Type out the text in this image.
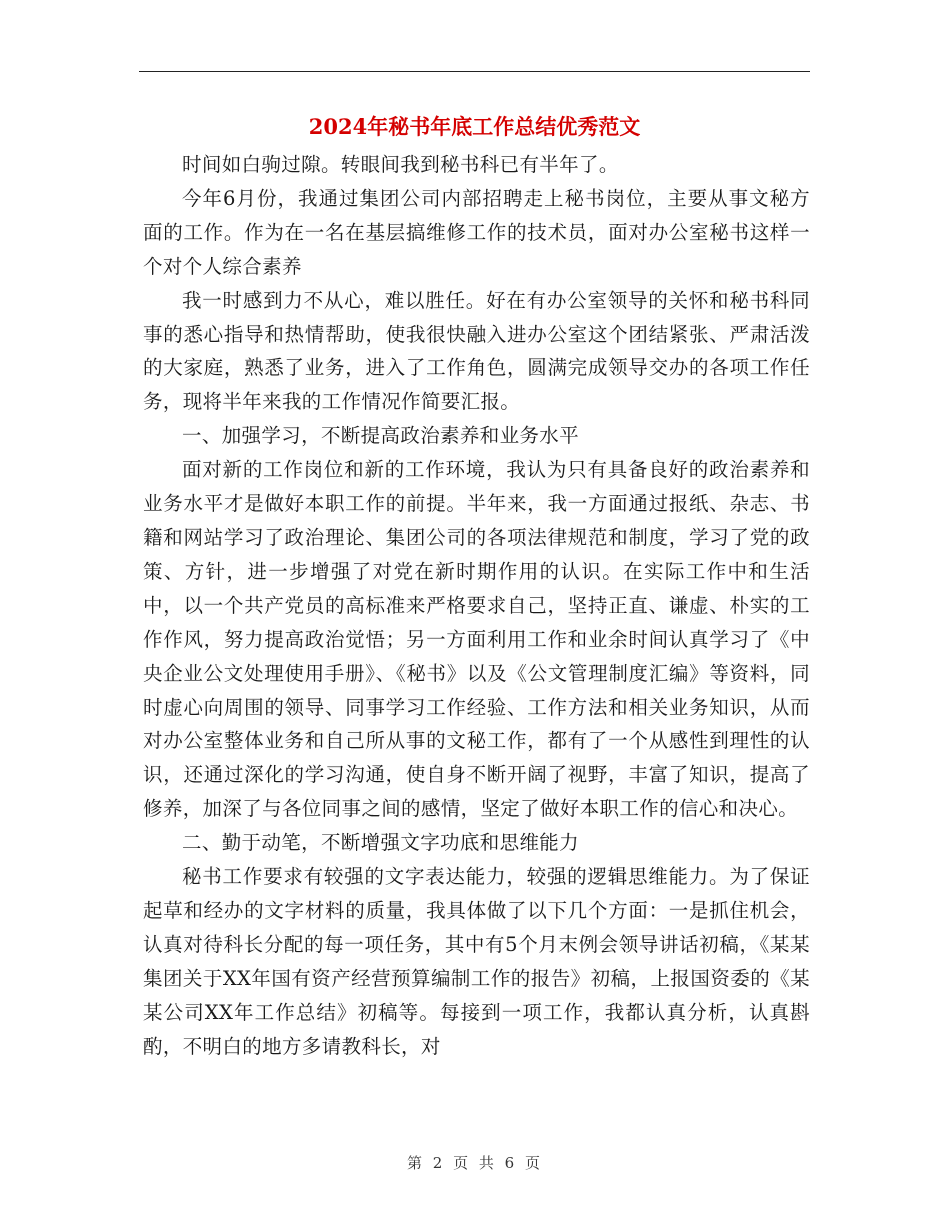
2024年秘书年底工作总结优秀范文

时间如白驹过隙。转眼间我到秘书科已有半年了。

今年6月份，我通过集团公司内部招聘走上秘书岗位，主要从事文秘方面的工作。作为在一名在基层搞维修工作的技术员，面对办公室秘书这样一个对个人综合素养

我一时感到力不从心，难以胜任。好在有办公室领导的关怀和秘书科同事的悉心指导和热情帮助，使我很快融入进办公室这个团结紧张、严肃活泼的大家庭，熟悉了业务，进入了工作角色，圆满完成领导交办的各项工作任务，现将半年来我的工作情况作简要汇报。

一、加强学习，不断提高政治素养和业务水平

面对新的工作岗位和新的工作环境，我认为只有具备良好的政治素养和业务水平才是做好本职工作的前提。半年来，我一方面通过报纸、杂志、书籍和网站学习了政治理论、集团公司的各项法律规范和制度，学习了党的政策、方针，进一步增强了对党在新时期作用的认识。在实际工作中和生活中，以一个共产党员的高标准来严格要求自己，坚持正直、谦虚、朴实的工作作风，努力提高政治觉悟；另一方面利用工作和业余时间认真学习了《中央企业公文处理使用手册》、《秘书》以及《公文管理制度汇编》等资料，同时虚心向周围的领导、同事学习工作经验、工作方法和相关业务知识，从而对办公室整体业务和自己所从事的文秘工作，都有了一个从感性到理性的认识，还通过深化的学习沟通，使自身不断开阔了视野，丰富了知识，提高了修养，加深了与各位同事之间的感情，坚定了做好本职工作的信心和决心。

二、勤于动笔，不断增强文字功底和思维能力

秘书工作要求有较强的文字表达能力，较强的逻辑思维能力。为了保证起草和经办的文字材料的质量，我具体做了以下几个方面：一是抓住机会，认真对待科长分配的每一项任务，其中有5个月末例会领导讲话初稿，《某某集团关于XX年国有资产经营预算编制工作的报告》初稿，上报国资委的《某某公司XX年工作总结》初稿等。每接到一项工作，我都认真分析，认真斟酌，不明白的地方多请教科长，对

第 2 页 共 6 页
